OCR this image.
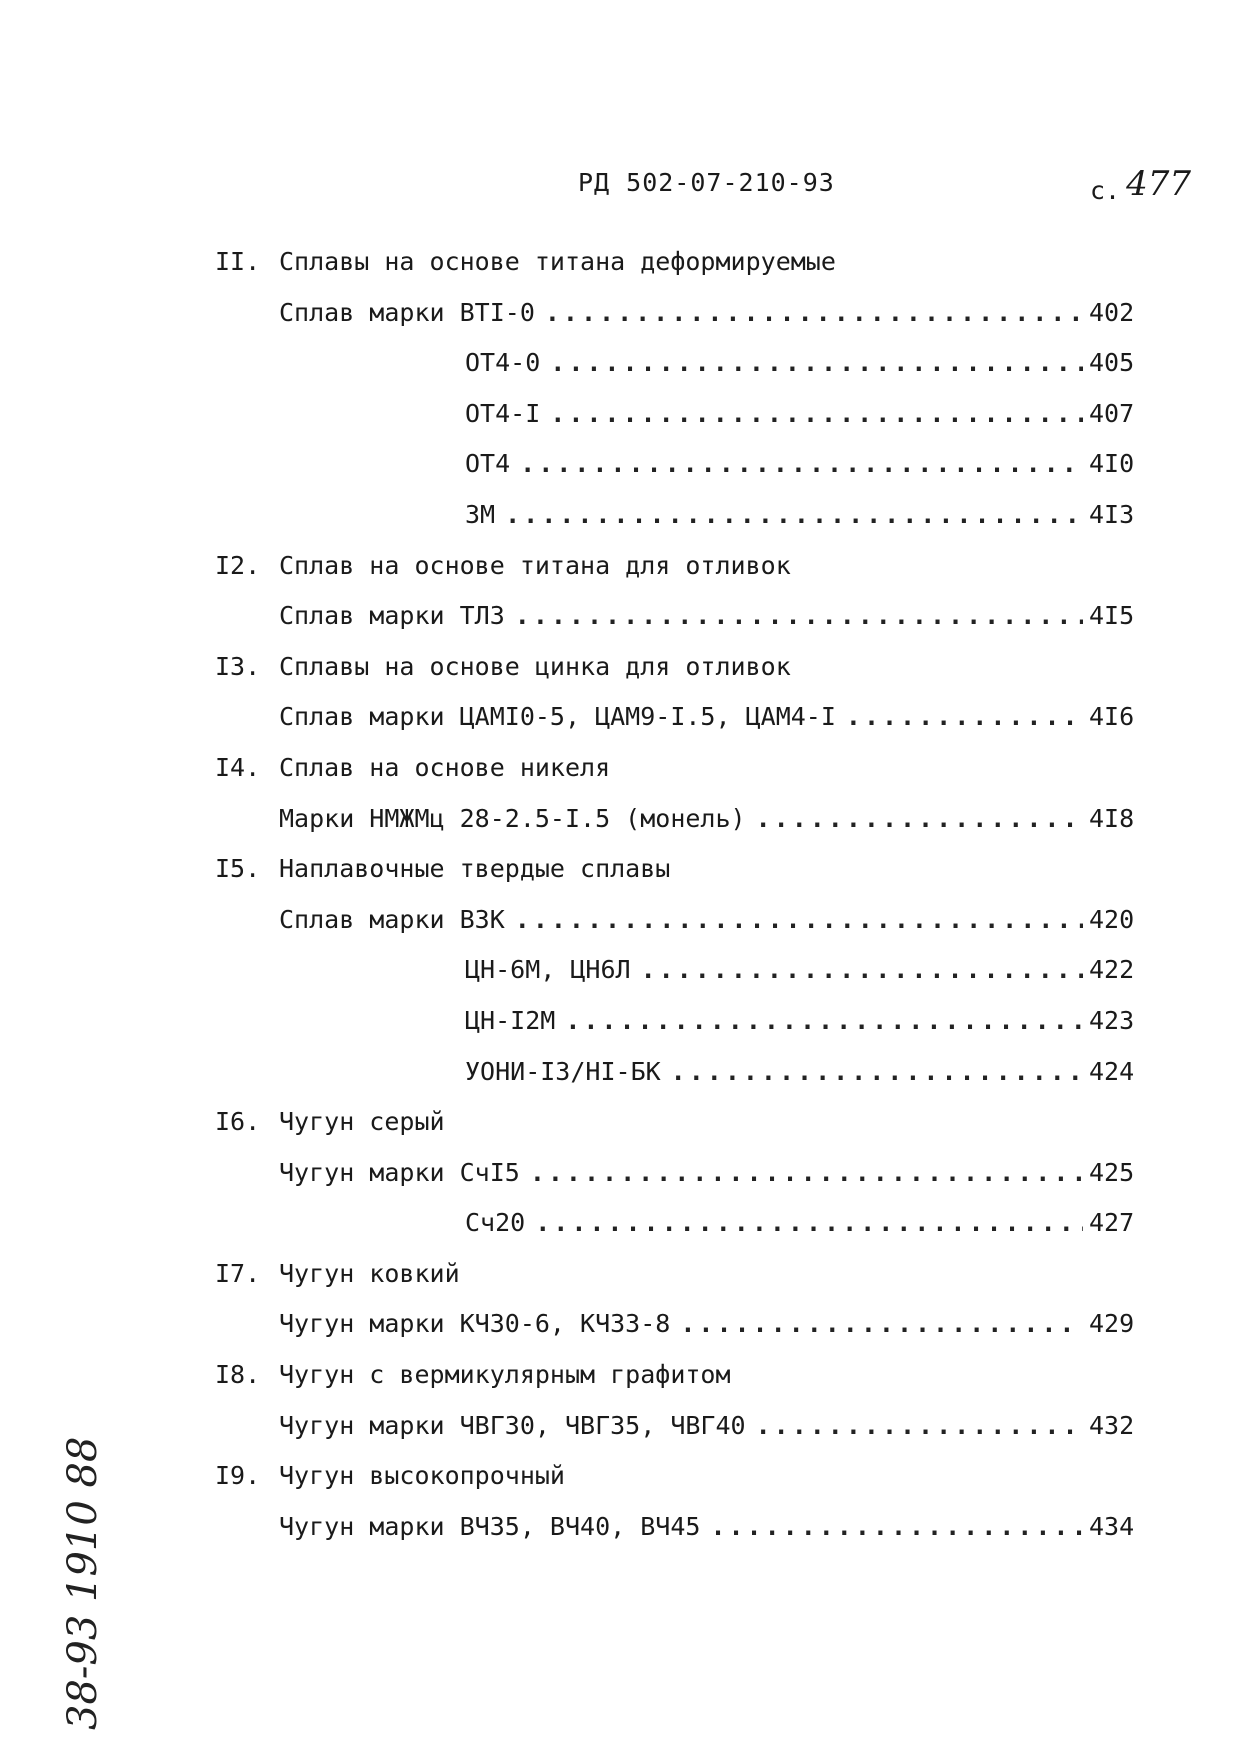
РД 502-07-210-93	с. 477
II. Сплавы на основе титана деформируемые
Сплав марки ВТI-0 .....	402
ОТ4-0 .....	405
ОТ4-I .....	407
ОТ4 .....	4I0
3М .....	4I3
I2. Сплав на основе титана для отливок
Сплав марки ТЛ3 .....	4I5
I3. Сплавы на основе цинка для отливок
Сплав марки ЦАМI0-5, ЦАМ9-I.5, ЦАМ4-I .....	4I6
I4. Сплав на основе никеля
Марки НМЖМц 28-2.5-I.5 (монель) .....	4I8
I5. Наплавочные твердые сплавы
Сплав марки В3К .....	420
ЦН-6М, ЦН6Л .....	422
ЦН-I2М .....	423
УОНИ-I3/НI-БК .....	424
I6. Чугун серый
Чугун марки СчI5 .....	425
Сч20 .....	427
I7. Чугун ковкий
Чугун марки КЧ30-6, КЧ33-8 .....	429
I8. Чугун с вермикулярным графитом
Чугун марки ЧВГ30, ЧВГ35, ЧВГ40 .....	432
I9. Чугун высокопрочный
Чугун марки ВЧ35, ВЧ40, ВЧ45 .....	434
38-93 1910 88
